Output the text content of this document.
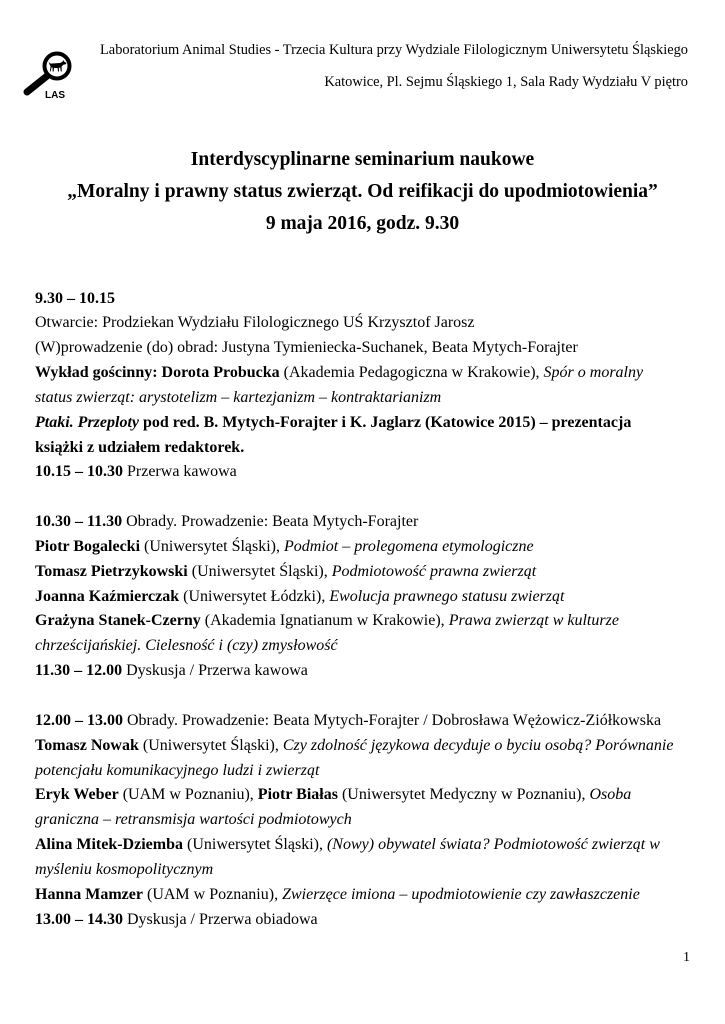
LAS
Laboratorium Animal Studies - Trzecia Kultura przy Wydziale Filologicznym Uniwersytetu Śląskiego
Katowice, Pl. Sejmu Śląskiego 1, Sala Rady Wydziału V piętro
Interdyscyplinarne seminarium naukowe
„Moralny i prawny status zwierząt. Od reifikacji do upodmiotowienia”
9 maja 2016, godz. 9.30
9.30 – 10.15
Otwarcie: Prodziekan Wydziału Filologicznego UŚ Krzysztof Jarosz
(W)prowadzenie (do) obrad: Justyna Tymieniecka-Suchanek, Beata Mytych-Forajter
Wykład gościnny: Dorota Probucka (Akademia Pedagogiczna w Krakowie), Spór o moralny
status zwierząt: arystotelizm – kartezjanizm – kontraktarianizm
Ptaki. Przeploty pod red. B. Mytych-Forajter i K. Jaglarz (Katowice 2015) – prezentacja
książki z udziałem redaktorek.
10.15 – 10.30 Przerwa kawowa
10.30 – 11.30 Obrady. Prowadzenie: Beata Mytych-Forajter
Piotr Bogalecki (Uniwersytet Śląski), Podmiot – prolegomena etymologiczne
Tomasz Pietrzykowski (Uniwersytet Śląski), Podmiotowość prawna zwierząt
Joanna Kaźmierczak (Uniwersytet Łódzki), Ewolucja prawnego statusu zwierząt
Grażyna Stanek-Czerny (Akademia Ignatianum w Krakowie), Prawa zwierząt w kulturze
chrześcijańskiej. Cielesność i (czy) zmysłowość
11.30 – 12.00 Dyskusja / Przerwa kawowa
12.00 – 13.00 Obrady. Prowadzenie: Beata Mytych-Forajter / Dobrosława Wężowicz-Ziółkowska
Tomasz Nowak (Uniwersytet Śląski), Czy zdolność językowa decyduje o byciu osobą? Porównanie
potencjału komunikacyjnego ludzi i zwierząt
Eryk Weber (UAM w Poznaniu), Piotr Białas (Uniwersytet Medyczny w Poznaniu), Osoba
graniczna – retransmisja wartości podmiotowych
Alina Mitek-Dziemba (Uniwersytet Śląski), (Nowy) obywatel świata? Podmiotowość zwierząt w
myśleniu kosmopolitycznym
Hanna Mamzer (UAM w Poznaniu), Zwierzęce imiona – upodmiotowienie czy zawłaszczenie
13.00 – 14.30 Dyskusja / Przerwa obiadowa
1
